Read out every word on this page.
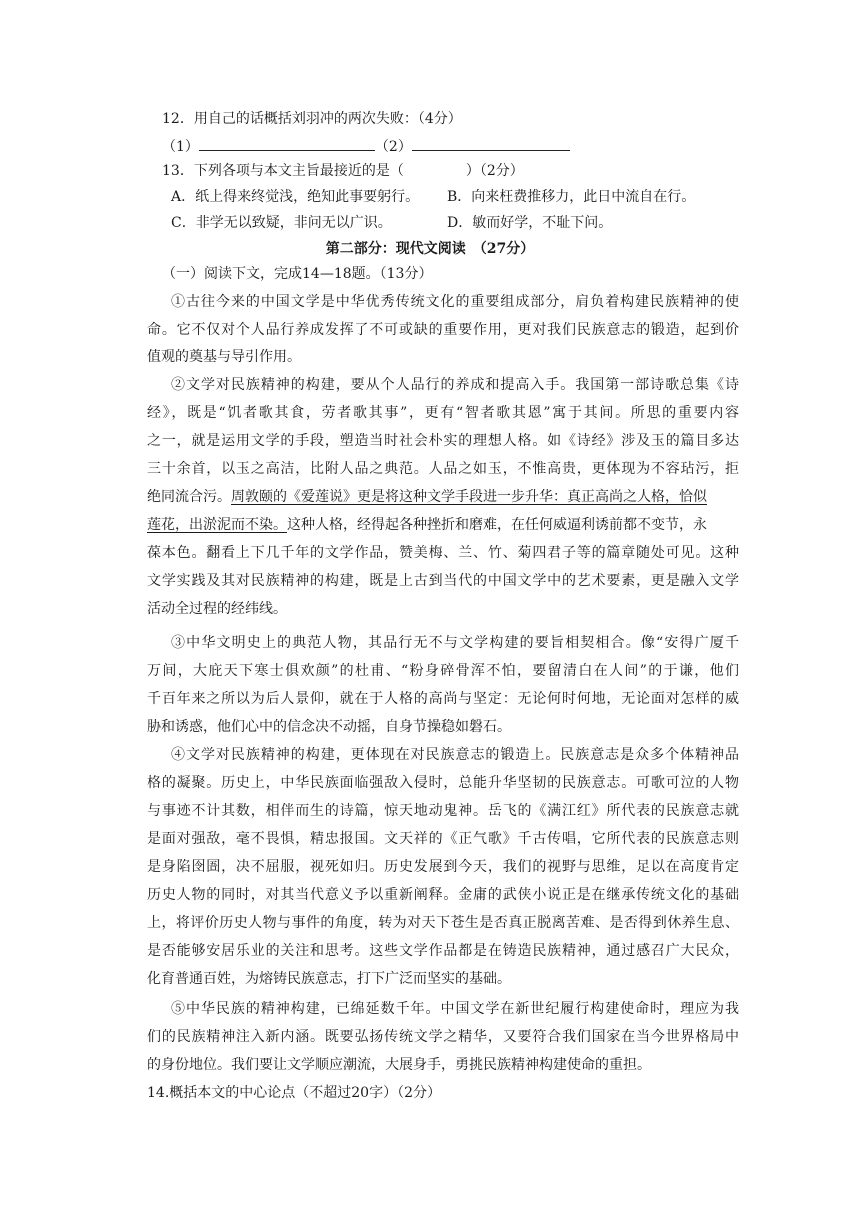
12．用自己的话概括刘羽冲的两次失败：（4分）
（1）	（2）
13．下列各项与本文主旨最接近的是（	）（2分）
A．纸上得来终觉浅，绝知此事要躬行。 B．向来枉费推移力，此日中流自在行。
C．非学无以致疑，非问无以广识。	D．敏而好学，不耻下问。
第二部分：现代文阅读　（27分）
（一）阅读下文，完成14—18题。（13分）
①古往今来的中国文学是中华优秀传统文化的重要组成部分，肩负着构建民族精神的使
命。它不仅对个人品行养成发挥了不可或缺的重要作用，更对我们民族意志的锻造，起到价
值观的奠基与导引作用。
②文学对民族精神的构建，要从个人品行的养成和提高入手。我国第一部诗歌总集《诗
经》，既是“饥者歌其食，劳者歌其事”，更有“智者歌其恩”寓于其间。所思的重要内容
之一，就是运用文学的手段，塑造当时社会朴实的理想人格。如《诗经》涉及玉的篇目多达
三十余首，以玉之高洁，比附人品之典范。人品之如玉，不惟高贵，更体现为不容玷污，拒
绝同流合污。周敦颐的《爱莲说》更是将这种文学手段进一步升华：真正高尚之人格，恰似
莲花，出淤泥而不染。这种人格，经得起各种挫折和磨难，在任何威逼利诱前都不变节，永
葆本色。翻看上下几千年的文学作品，赞美梅、兰、竹、菊四君子等的篇章随处可见。这种
文学实践及其对民族精神的构建，既是上古到当代的中国文学中的艺术要素，更是融入文学
活动全过程的经纬线。
③中华文明史上的典范人物，其品行无不与文学构建的要旨相契相合。像“安得广厦千
万间，大庇天下寒士俱欢颜”的杜甫、“粉身碎骨浑不怕，要留清白在人间”的于谦，他们
千百年来之所以为后人景仰，就在于人格的高尚与坚定：无论何时何地，无论面对怎样的威
胁和诱惑，他们心中的信念决不动摇，自身节操稳如磐石。
④文学对民族精神的构建，更体现在对民族意志的锻造上。民族意志是众多个体精神品
格的凝聚。历史上，中华民族面临强敌入侵时，总能升华坚韧的民族意志。可歌可泣的人物
与事迹不计其数，相伴而生的诗篇，惊天地动鬼神。岳飞的《满江红》所代表的民族意志就
是面对强敌，毫不畏惧，精忠报国。文天祥的《正气歌》千古传唱，它所代表的民族意志则
是身陷囹圄，决不屈服，视死如归。历史发展到今天，我们的视野与思维，足以在高度肯定
历史人物的同时，对其当代意义予以重新阐释。金庸的武侠小说正是在继承传统文化的基础
上，将评价历史人物与事件的角度，转为对天下苍生是否真正脱离苦难、是否得到休养生息、
是否能够安居乐业的关注和思考。这些文学作品都是在铸造民族精神，通过感召广大民众，
化育普通百姓，为熔铸民族意志，打下广泛而坚实的基础。
⑤中华民族的精神构建，已绵延数千年。中国文学在新世纪履行构建使命时，理应为我
们的民族精神注入新内涵。既要弘扬传统文学之精华，又要符合我们国家在当今世界格局中
的身份地位。我们要让文学顺应潮流，大展身手，勇挑民族精神构建使命的重担。
14.概括本文的中心论点（不超过20字）（2分）
